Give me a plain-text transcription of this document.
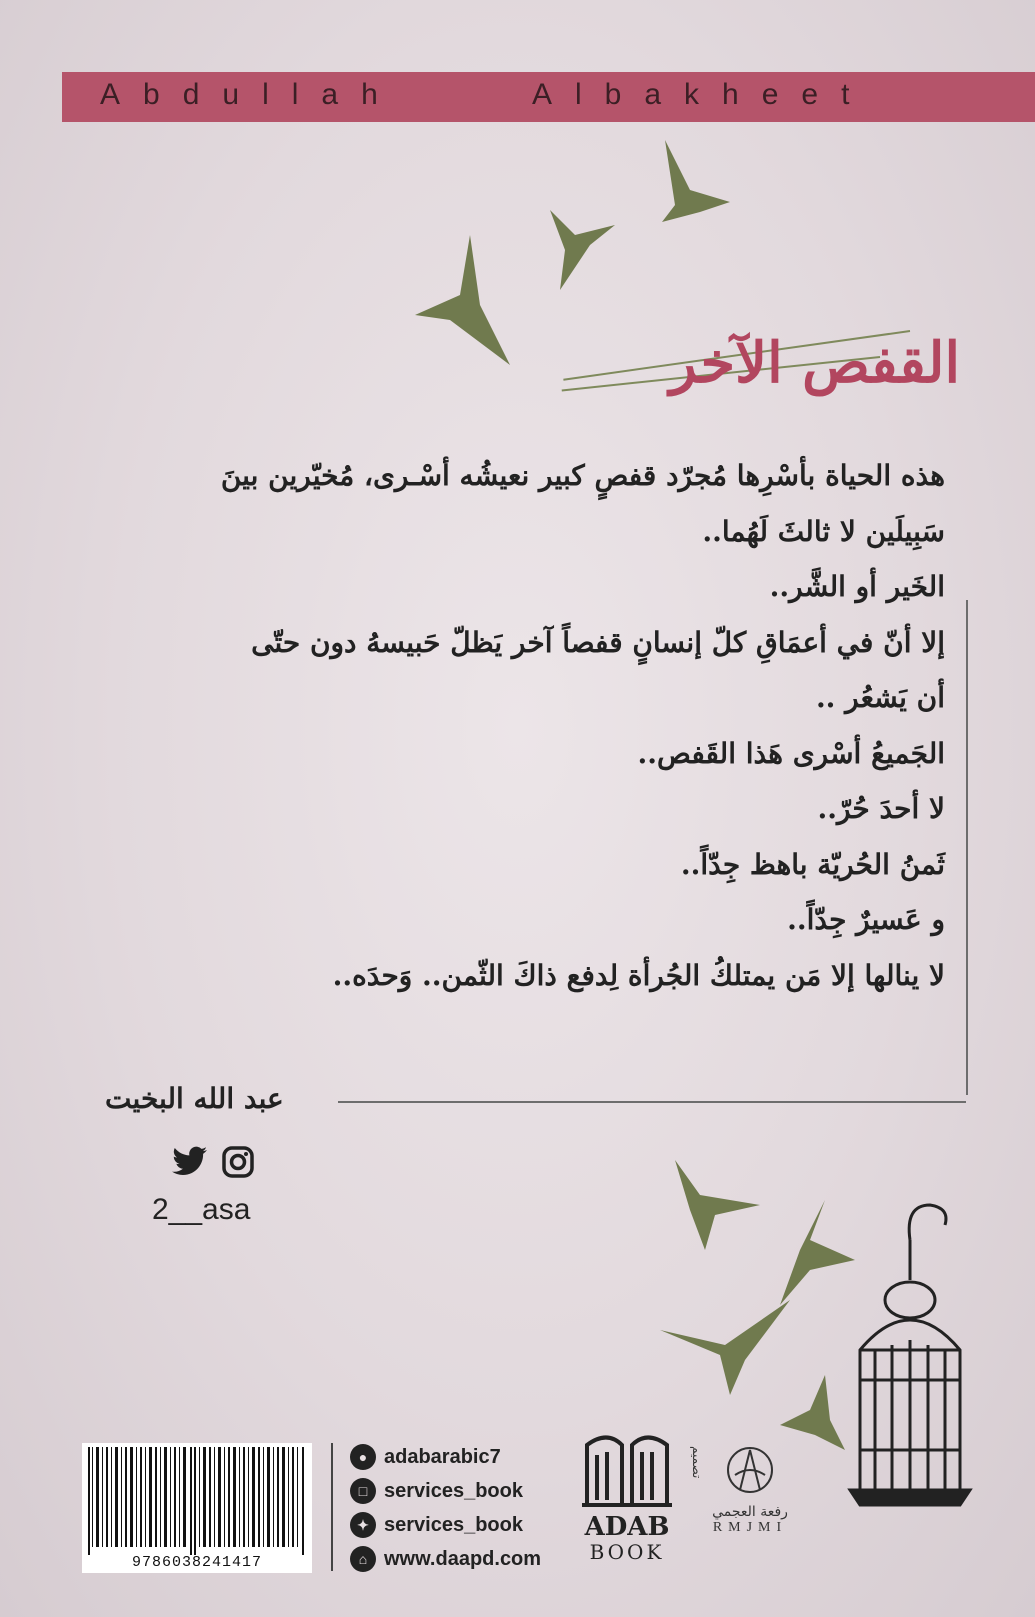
Abdullah	Albakheet
القفص الآخر

هذه الحياة بأسْرِها مُجرّد قفصٍ كبير نعيشُه أسْـرى، مُخيّرين بينَ

سَبِيلَين لا ثالثَ لَهُما..

الخَير أو الشَّر..

إلا أنّ في أعمَاقِ كلّ إنسانٍ قفصاً آخر يَظلّ حَبيسهُ دون حتّى

أن يَشعُر ..

الجَميعُ أسْرى هَذا القَفص..

لا أحدَ حُرّ..

ثَمنُ الحُريّة باهظ جِدّاً..

و عَسيرٌ جِدّاً..

لا ينالها إلا مَن يمتلكُ الجُرأة لِدفع ذاكَ الثّمن.. وَحدَه..

عبد الله البخيت
2__asa
9786038241417
● adabarabic7
□ services_book
✦ services_book
⌂ www.daapd.com
ADAB
BOOK
تصميم
رفعة العجمي
RMJMI
